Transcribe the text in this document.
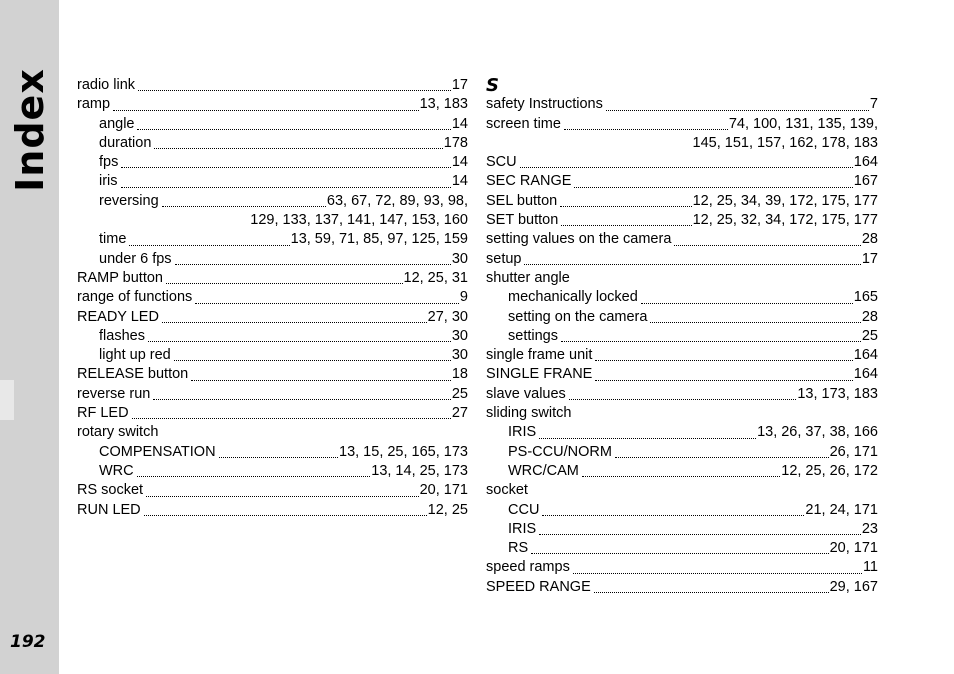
Index
192
radio link	17
ramp	13, 183
angle	14
duration	178
fps	14
iris	14
reversing	63, 67, 72, 89, 93, 98,
129, 133, 137, 141, 147, 153, 160
time	13, 59, 71, 85, 97, 125, 159
under 6 fps	30
RAMP button	12, 25, 31
range of functions	9
READY LED	27, 30
flashes	30
light up red	30
RELEASE button	18
reverse run	25
RF LED	27
rotary switch
COMPENSATION	13, 15, 25, 165, 173
WRC	13, 14, 25, 173
RS socket	20, 171
RUN LED	12, 25
S
safety Instructions	7
screen time	74, 100, 131, 135, 139,
145, 151, 157, 162, 178, 183
SCU	164
SEC RANGE	167
SEL button	12, 25, 34, 39, 172, 175, 177
SET button	12, 25, 32, 34, 172, 175, 177
setting values on the camera	28
setup	17
shutter angle
mechanically locked	165
setting on the camera	28
settings	25
single frame unit	164
SINGLE FRANE	164
slave values	13, 173, 183
sliding switch
IRIS	13, 26, 37, 38, 166
PS-CCU/NORM	26, 171
WRC/CAM	12, 25, 26, 172
socket
CCU	21, 24, 171
IRIS	23
RS	20, 171
speed ramps	11
SPEED RANGE	29, 167
